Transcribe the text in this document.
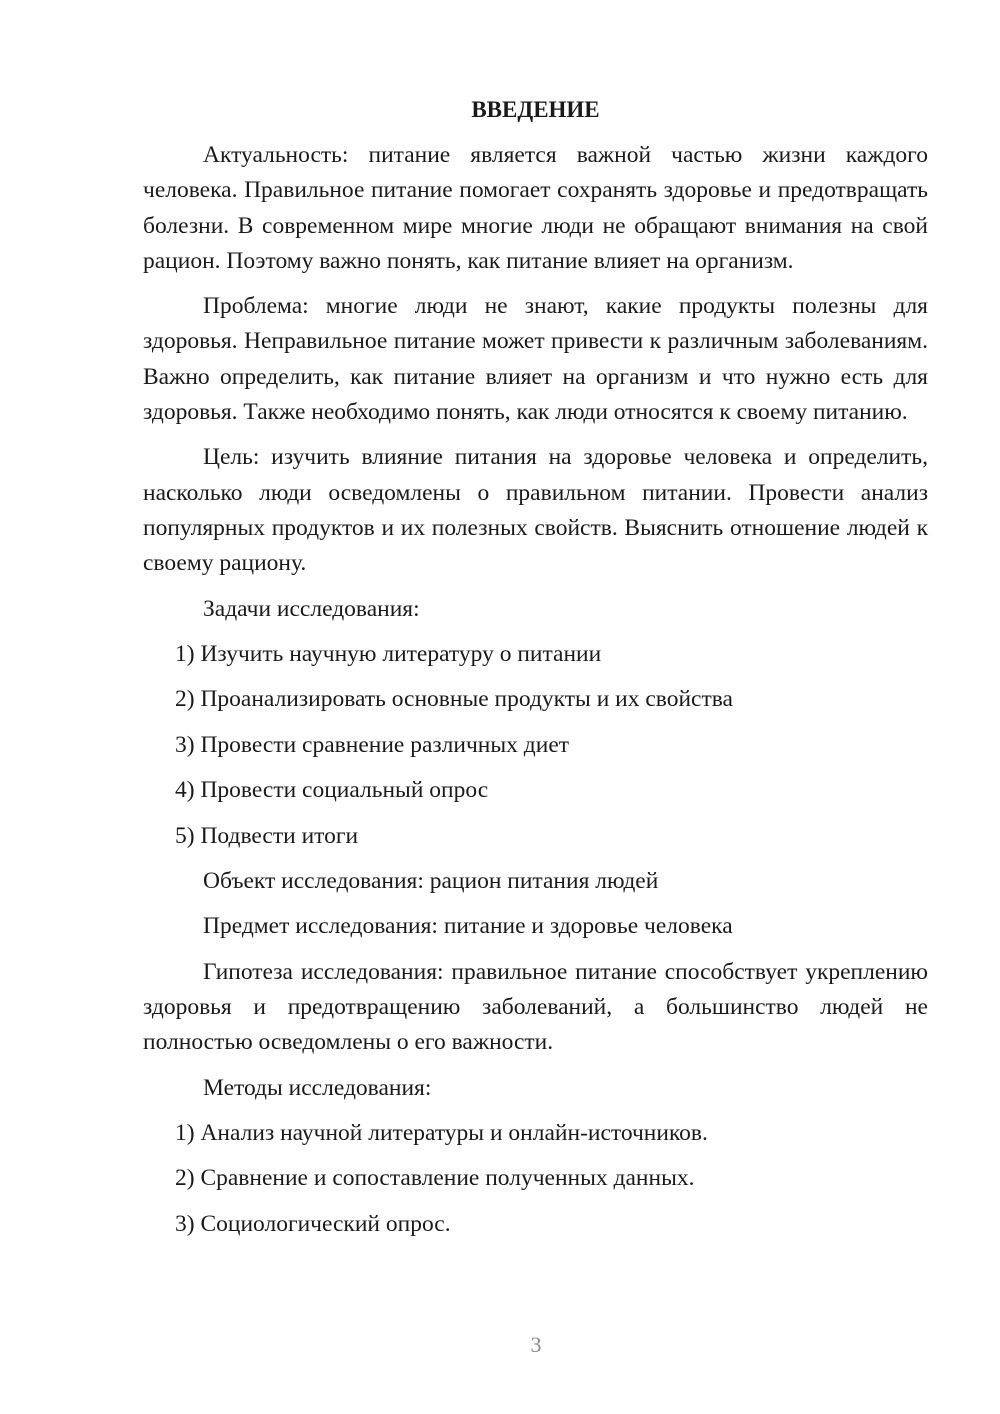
ВВЕДЕНИЕ

Актуальность: питание является важной частью жизни каждого человека. Правильное питание помогает сохранять здоровье и предотвращать болезни. В современном мире многие люди не обращают внимания на свой рацион. Поэтому важно понять, как питание влияет на организм.

Проблема: многие люди не знают, какие продукты полезны для здоровья. Неправильное питание может привести к различным заболеваниям. Важно определить, как питание влияет на организм и что нужно есть для здоровья. Также необходимо понять, как люди относятся к своему питанию.

Цель: изучить влияние питания на здоровье человека и определить, насколько люди осведомлены о правильном питании. Провести анализ популярных продуктов и их полезных свойств. Выяснить отношение людей к своему рациону.

Задачи исследования:

1) Изучить научную литературу о питании

2) Проанализировать основные продукты и их свойства

3) Провести сравнение различных диет

4) Провести социальный опрос

5) Подвести итоги

Объект исследования: рацион питания людей

Предмет исследования: питание и здоровье человека

Гипотеза исследования: правильное питание способствует укреплению здоровья и предотвращению заболеваний, а большинство людей не полностью осведомлены о его важности.

Методы исследования:

1) Анализ научной литературы и онлайн-источников.

2) Сравнение и сопоставление полученных данных.

3) Социологический опрос.

3
